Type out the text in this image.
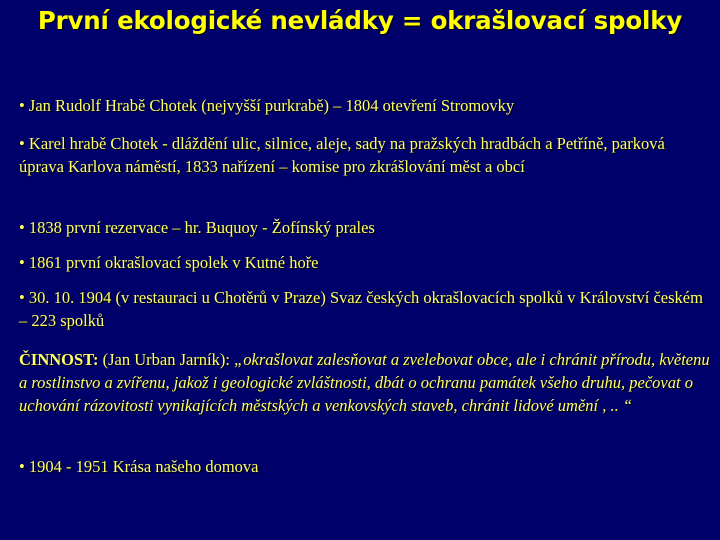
První ekologické nevládky = okrašlovací spolky

• Jan Rudolf Hrabě Chotek (nejvyšší purkrabě) – 1804 otevření Stromovky

• Karel hrabě Chotek - dláždění ulic, silnice, aleje, sady na pražských hradbách a Petříně, parková úprava Karlova náměstí, 1833 nařízení – komise pro zkrášlování měst a obcí

• 1838 první rezervace – hr. Buquoy - Žofínský prales

• 1861 první okrašlovací spolek v Kutné hoře

• 30. 10. 1904 (v restauraci u Chotěrů v Praze) Svaz českých okrašlovacích spolků v Království českém – 223 spolků

ČINNOST: (Jan Urban Jarník): „okrašlovat zalesňovat a zvelebovat obce, ale i chránit přírodu, květenu a rostlinstvo a zvířenu, jakož i geologické zvláštnosti, dbát o ochranu památek všeho druhu, pečovat o uchování rázovitosti vynikajících městských a venkovských staveb, chránit lidové umění , .. “

• 1904 - 1951 Krása našeho domova
